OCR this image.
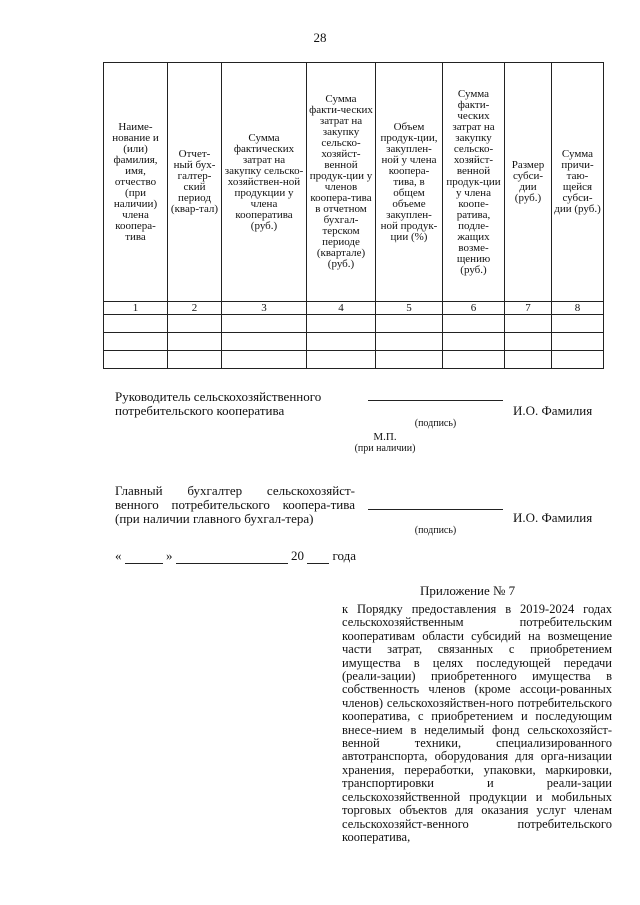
28
Наиме-нование и (или) фамилия, имя, отчество (при наличии) члена коопера-тива	Отчет-ный бух-галтер-ский период (квар-тал)	Сумма фактических затрат на закупку сельско-хозяйствен-ной продукции у члена кооператива (руб.)	Сумма факти-ческих затрат на закупку сельско-хозяйст-венной продук-ции у членов коопера-тива в отчетном бухгал-терском периоде (квартале) (руб.)	Объем продук-ции, закуплен-ной у члена коопера-тива, в общем объеме закуплен-ной продук-ции (%)	Сумма факти-ческих затрат на закупку сельско-хозяйст-венной продук-ции у члена коопе-ратива, подле-жащих возме-щению (руб.)	Размер субси-дии (руб.)	Сумма причи-таю-щейся субси-дии (руб.)
1	2	3	4	5	6	7	8

Руководитель сельскохозяйственного потребительского кооператива	И.О. Фамилия
(подпись)
М.П.
(при наличии)
Главный бухгалтер сельскохозяйст-венного потребительского коопера-тива (при наличии главного бухгал-тера)	И.О. Фамилия
(подпись)
«	»	20 года
Приложение № 7
к Порядку предоставления в 2019-2024 годах сельскохозяйственным потребительским кооперативам области субсидий на возмещение части затрат, связанных с приобретением имущества в целях последующей передачи (реали-зации) приобретенного имущества в собственность членов (кроме ассоци-рованных членов) сельскохозяйствен-ного потребительского кооператива, с приобретением и последующим внесе-нием в неделимый фонд сельскохозяйст-венной техники, специализированного автотранспорта, оборудования для орга-низации хранения, переработки, упаковки, маркировки, транспортировки и реали-зации сельскохозяйственной продукции и мобильных торговых объектов для оказания услуг членам сельскохозяйст-венного потребительского кооператива,
